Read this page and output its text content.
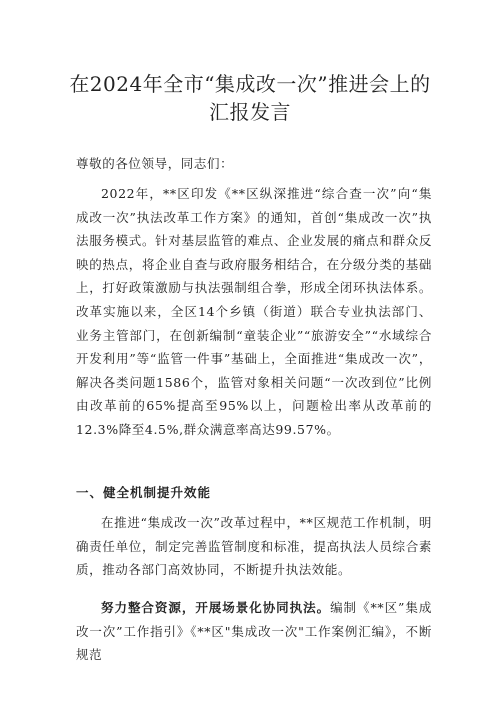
在2024年全市“集成改一次”推进会上的
汇报发言
尊敬的各位领导，同志们：
2022年，**区印发《**区纵深推进“综合查一次”向“集成改一次”执法改革工作方案》的通知，首创“集成改一次”执法服务模式。针对基层监管的难点、企业发展的痛点和群众反映的热点，将企业自查与政府服务相结合，在分级分类的基础上，打好政策激励与执法强制组合拳，形成全闭环执法体系。改革实施以来，全区14个乡镇（街道）联合专业执法部门、业务主管部门，在创新编制“童装企业”“旅游安全”“水域综合开发利用”等“监管一件事”基础上，全面推进“集成改一次”，解决各类问题1586个，监管对象相关问题“一次改到位”比例由改革前的65%提高至95%以上，问题检出率从改革前的12.3%降至4.5%,群众满意率高达99.57%。
一、健全机制提升效能
在推进“集成改一次”改革过程中，**区规范工作机制，明确责任单位，制定完善监管制度和标准，提高执法人员综合素质，推动各部门高效协同，不断提升执法效能。
努力整合资源，开展场景化协同执法。编制《**区”集成改一次”工作指引》《**区"集成改一次"工作案例汇编》，不断规范
